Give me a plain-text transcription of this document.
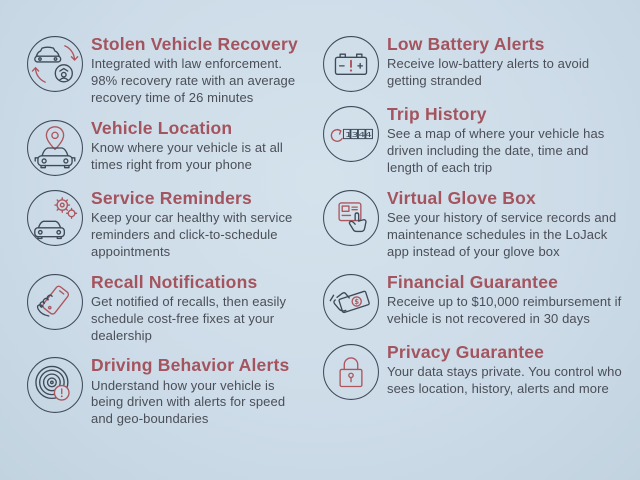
Stolen Vehicle Recovery

Integrated with law enforcement. 98% recovery rate with an average recovery time of 26 minutes

Vehicle Location

Know where your vehicle is at all times right from your phone

Service Reminders

Keep your car healthy with service reminders and click-to-schedule appointments

Recall Notifications

Get notified of recalls, then easily schedule cost-free fixes at your dealership

Driving Behavior Alerts

Understand how your vehicle is being driven with alerts for speed and geo-boundaries

Low Battery Alerts

Receive low-battery alerts to avoid getting stranded

1344
Trip History

See a map of where your vehicle has driven including the date, time and length of each trip

Virtual Glove Box

See your history of service records and maintenance schedules in the LoJack app instead of your glove box

$
Financial Guarantee

Receive up to $10,000 reimbursement if vehicle is not recovered in 30 days

Privacy Guarantee

Your data stays private. You control who sees location, history, alerts and more
